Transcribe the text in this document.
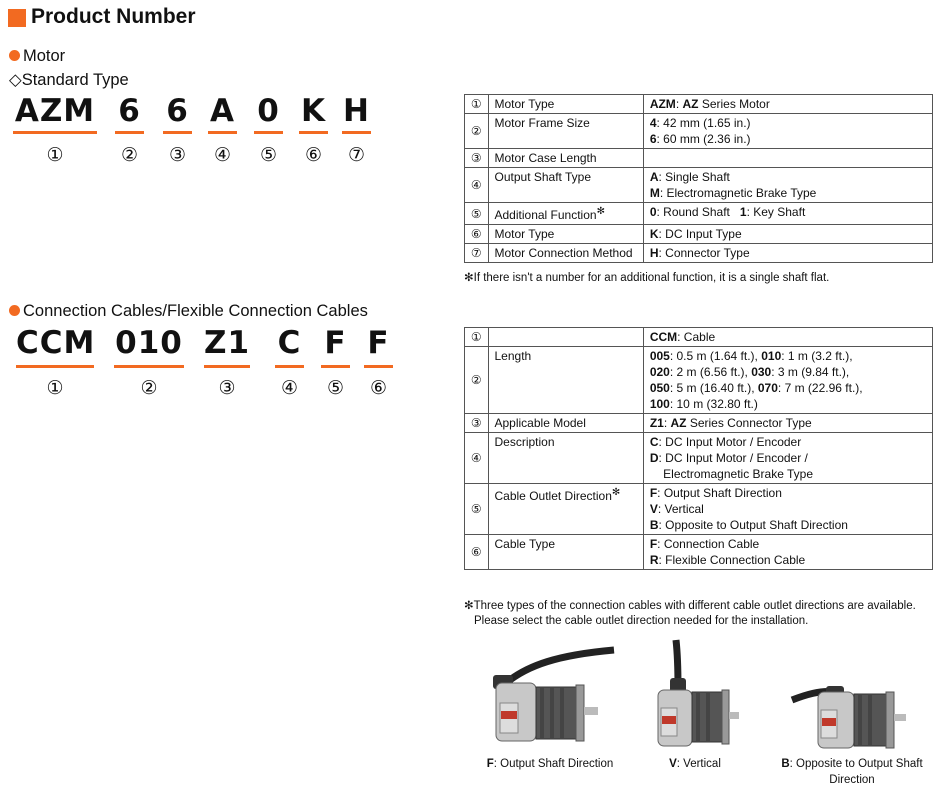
Product Number
Motor
◇Standard Type
AZM
①
6
②
6
③
A
④
0
⑤
K
⑥
H
⑦
①	Motor Type	AZM: AZ Series Motor

②	Motor Frame Size	4: 42 mm (1.65 in.)
6: 60 mm (2.36 in.)

③	Motor Case Length	
④	Output Shaft Type	A: Single Shaft
M: Electromagnetic Brake Type

⑤	Additional Function✻	0: Round Shaft   1: Key Shaft

⑥	Motor Type	K: DC Input Type

⑦	Motor Connection Method	H: Connector Type
✻If there isn't a number for an additional function, it is a single shaft flat.
Connection Cables/Flexible Connection Cables
CCM
①
010
②
Z1
③
C
④
F
⑤
F
⑥
①		CCM: Cable

②	Length	005: 0.5 m (1.64 ft.), 010: 1 m (3.2 ft.),
020: 2 m (6.56 ft.), 030: 3 m (9.84 ft.),
050: 5 m (16.40 ft.), 070: 7 m (22.96 ft.),
100: 10 m (32.80 ft.)

③	Applicable Model	Z1: AZ Series Connector Type

④	Description	C: DC Input Motor / Encoder
D: DC Input Motor / Encoder /
Electromagnetic Brake Type

⑤	Cable Outlet Direction✻	F: Output Shaft Direction
V: Vertical
B: Opposite to Output Shaft Direction

⑥	Cable Type	F: Connection Cable
R: Flexible Connection Cable
✻Three types of the connection cables with different cable outlet directions are available.
Please select the cable outlet direction needed for the installation.
F: Output Shaft Direction	V: Vertical	B: Opposite to Output Shaft
Direction
